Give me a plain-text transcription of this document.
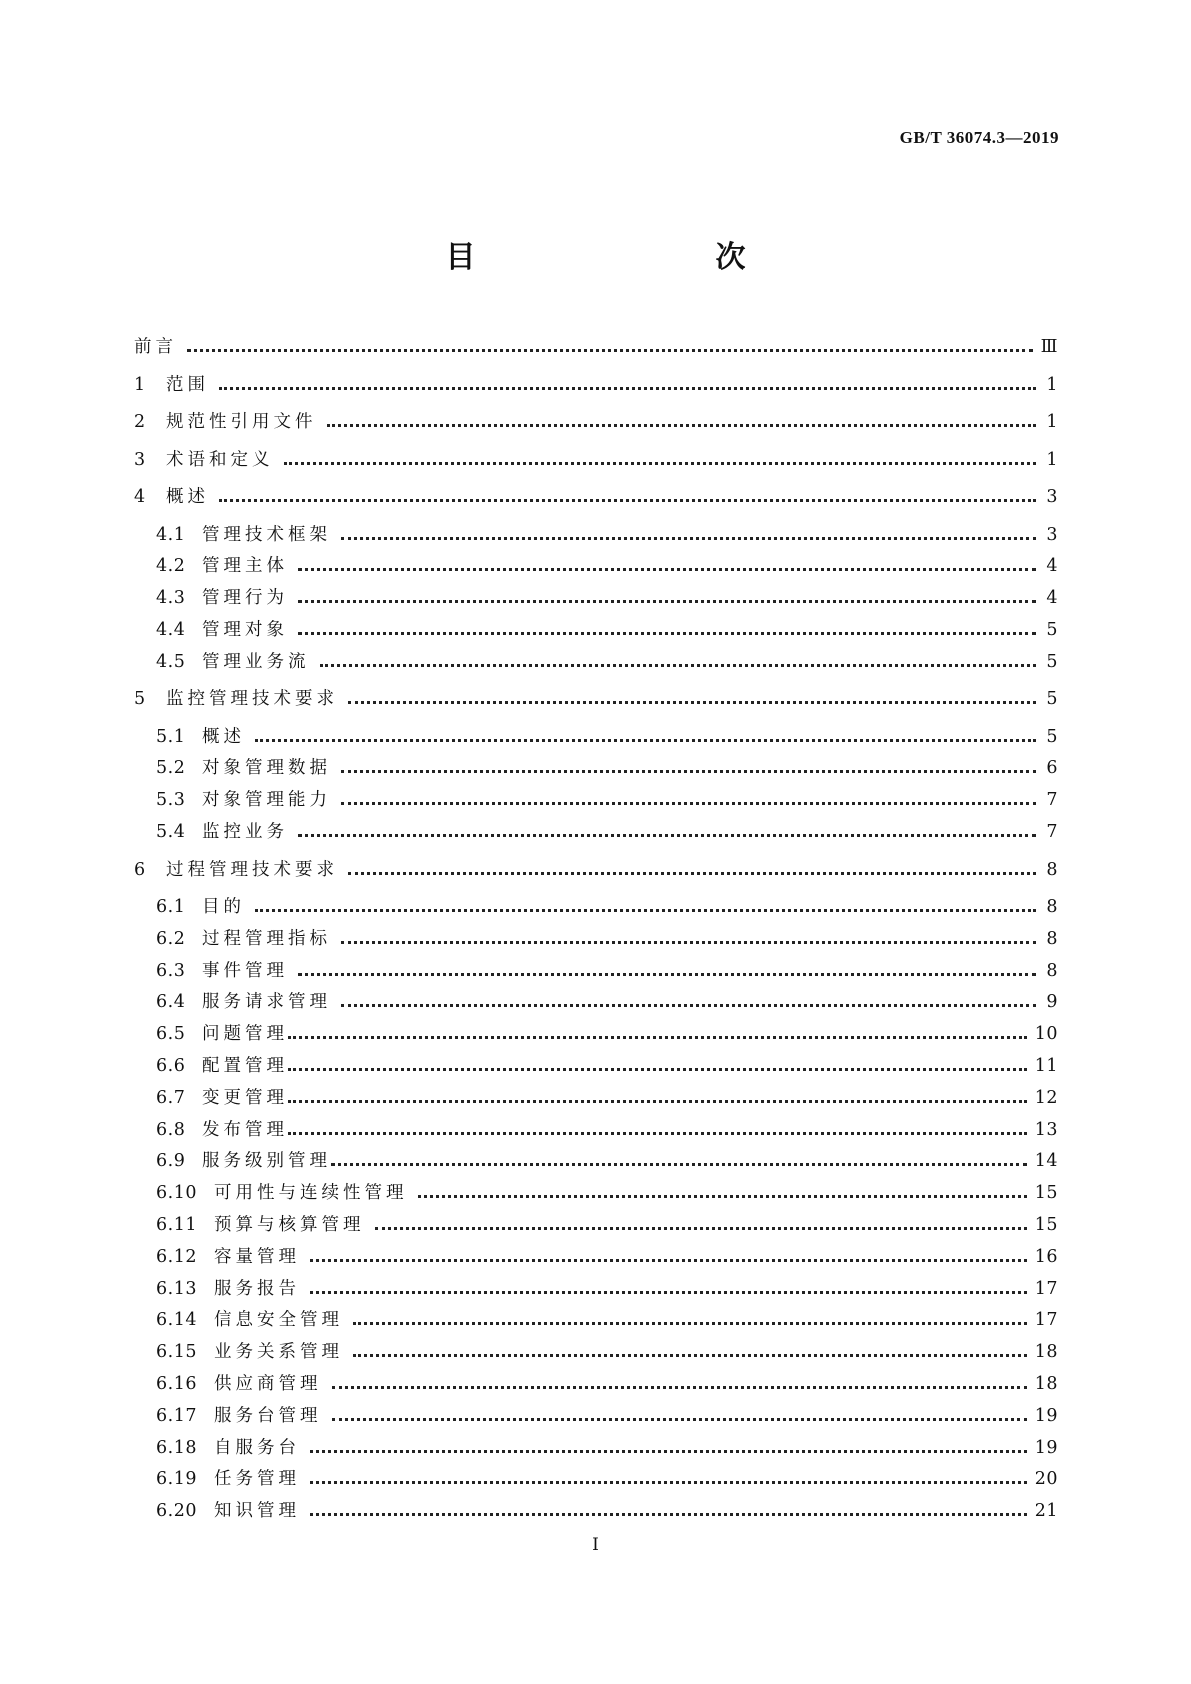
GB/T 36074.3—2019
目　　次
前言	Ⅲ
1	范围	1
2	规范性引用文件	1
3	术语和定义	1
4	概述	3
4.1 管理技术框架	3
4.2 管理主体	4
4.3 管理行为	4
4.4 管理对象	5
4.5 管理业务流	5
5	监控管理技术要求	5
5.1 概述	5
5.2 对象管理数据	6
5.3 对象管理能力	7
5.4 监控业务	7
6	过程管理技术要求	8
6.1 目的	8
6.2 过程管理指标	8
6.3 事件管理	8
6.4 服务请求管理	9
6.5 问题管理	10
6.6 配置管理	11
6.7 变更管理	12
6.8 发布管理	13
6.9 服务级别管理	14
6.10 可用性与连续性管理	15
6.11 预算与核算管理	15
6.12 容量管理	16
6.13 服务报告	17
6.14 信息安全管理	17
6.15 业务关系管理	18
6.16 供应商管理	18
6.17 服务台管理	19
6.18 自服务台	19
6.19 任务管理	20
6.20 知识管理	21
I
